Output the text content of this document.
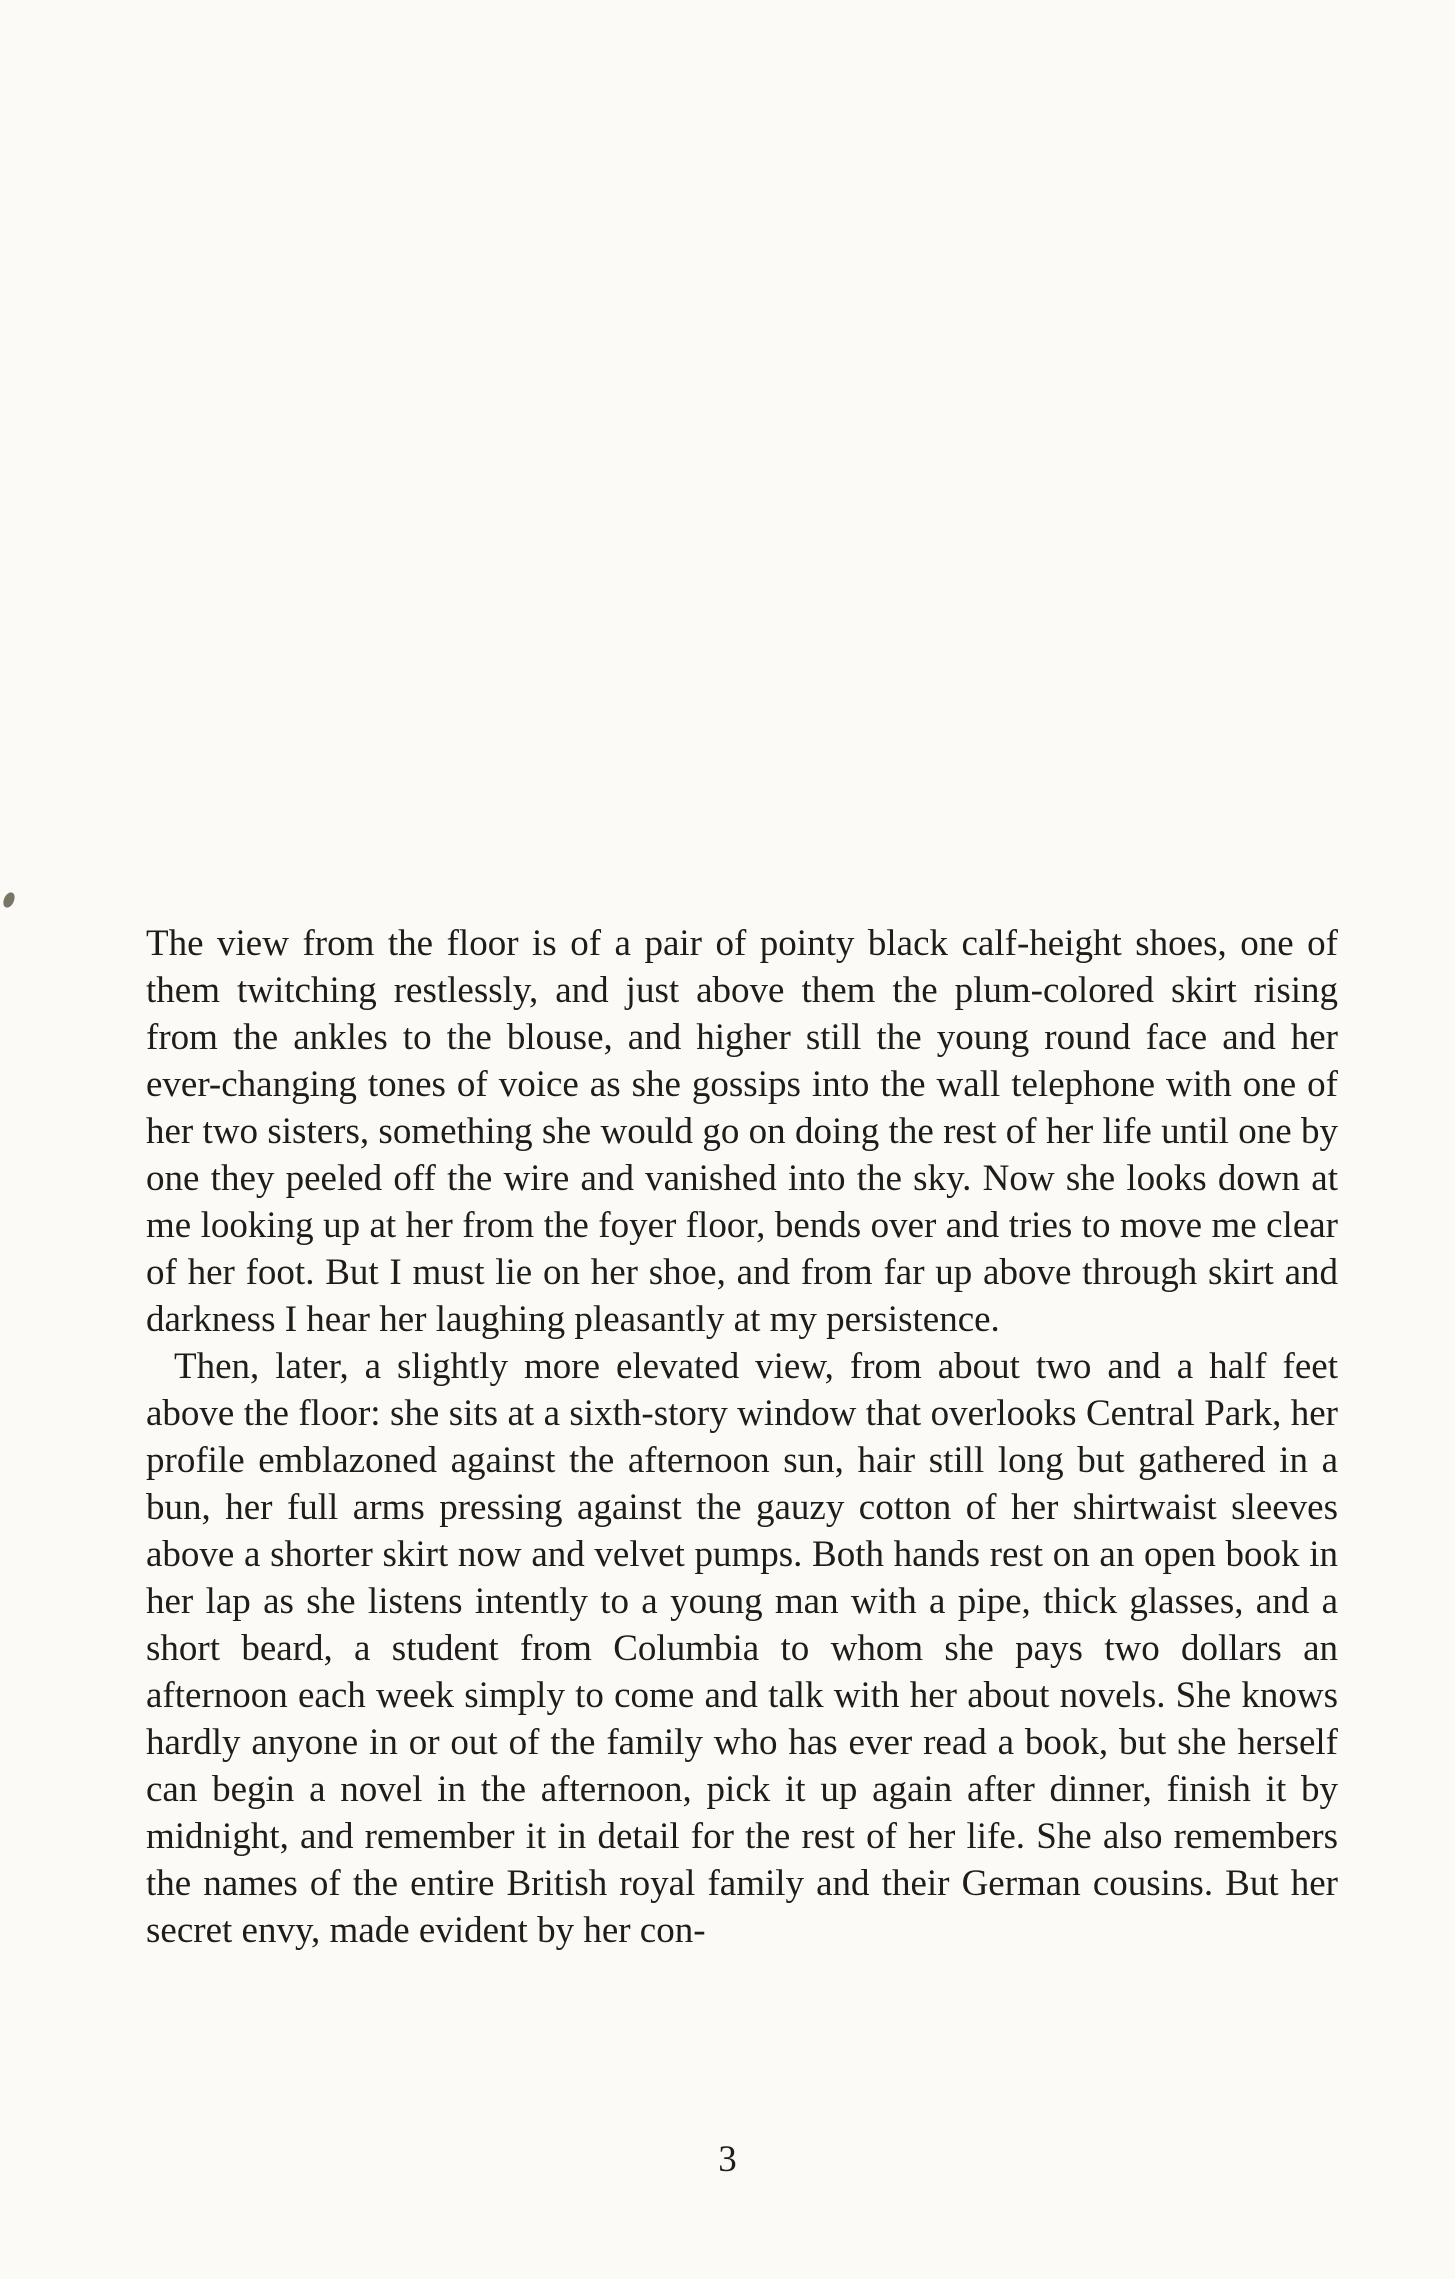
The view from the floor is of a pair of pointy black calf-height shoes, one of them twitching restlessly, and just above them the plum-colored skirt rising from the ankles to the blouse, and higher still the young round face and her ever-changing tones of voice as she gossips into the wall telephone with one of her two sisters, something she would go on doing the rest of her life until one by one they peeled off the wire and vanished into the sky. Now she looks down at me looking up at her from the foyer floor, bends over and tries to move me clear of her foot. But I must lie on her shoe, and from far up above through skirt and darkness I hear her laughing pleasantly at my persistence.

Then, later, a slightly more elevated view, from about two and a half feet above the floor: she sits at a sixth-story window that overlooks Central Park, her profile emblazoned against the afternoon sun, hair still long but gathered in a bun, her full arms pressing against the gauzy cotton of her shirtwaist sleeves above a shorter skirt now and velvet pumps. Both hands rest on an open book in her lap as she listens intently to a young man with a pipe, thick glasses, and a short beard, a student from Columbia to whom she pays two dollars an afternoon each week simply to come and talk with her about novels. She knows hardly anyone in or out of the family who has ever read a book, but she herself can begin a novel in the afternoon, pick it up again after dinner, finish it by midnight, and remember it in detail for the rest of her life. She also remembers the names of the entire British royal family and their German cousins. But her secret envy, made evident by her con-

3
